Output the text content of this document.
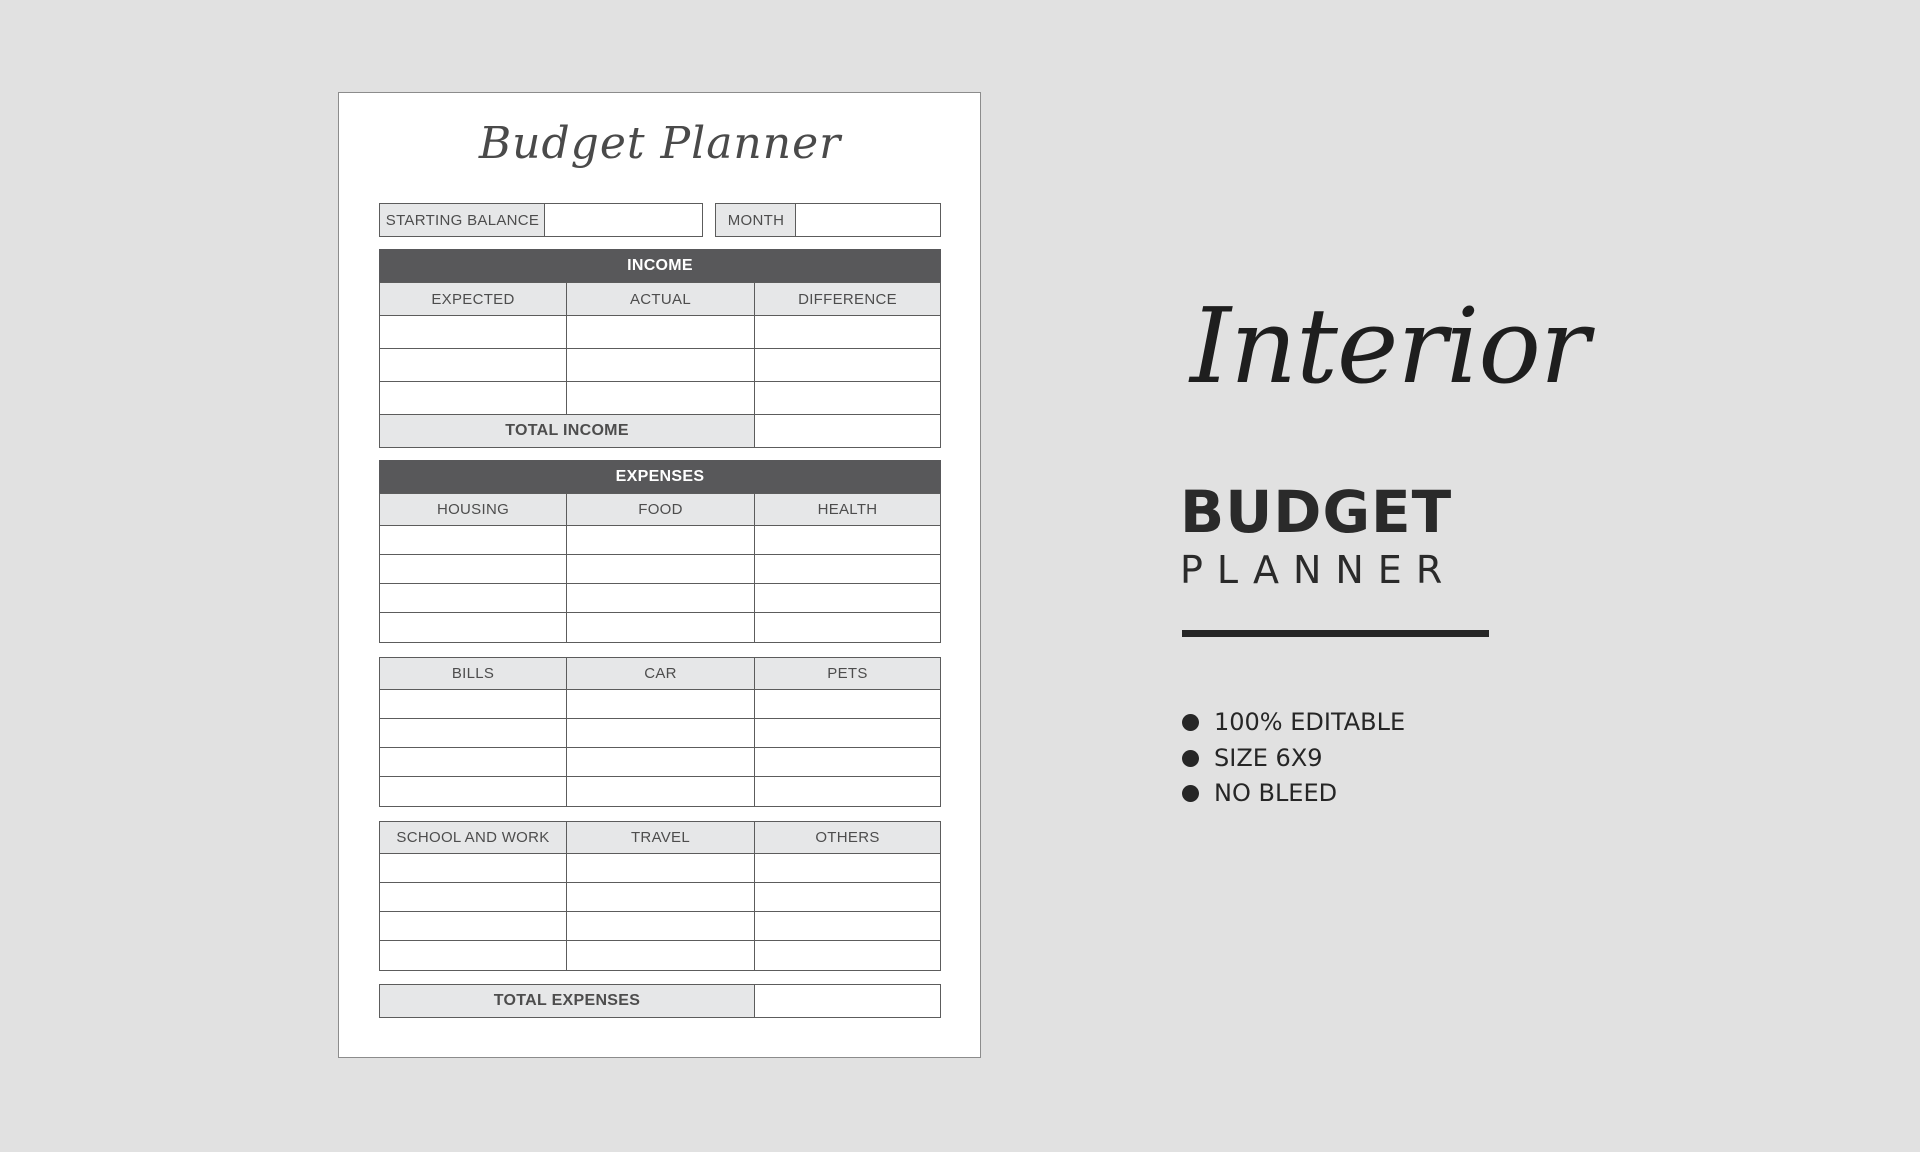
Budget Planner
STARTING BALANCE	MONTH
INCOME
EXPECTED	ACTUAL	DIFFERENCE
TOTAL INCOME
EXPENSES
HOUSING	FOOD	HEALTH
BILLS	CAR	PETS
SCHOOL AND WORK	TRAVEL	OTHERS
TOTAL EXPENSES
Interior
BUDGET
PLANNER
100% EDITABLE
SIZE 6X9
NO BLEED
